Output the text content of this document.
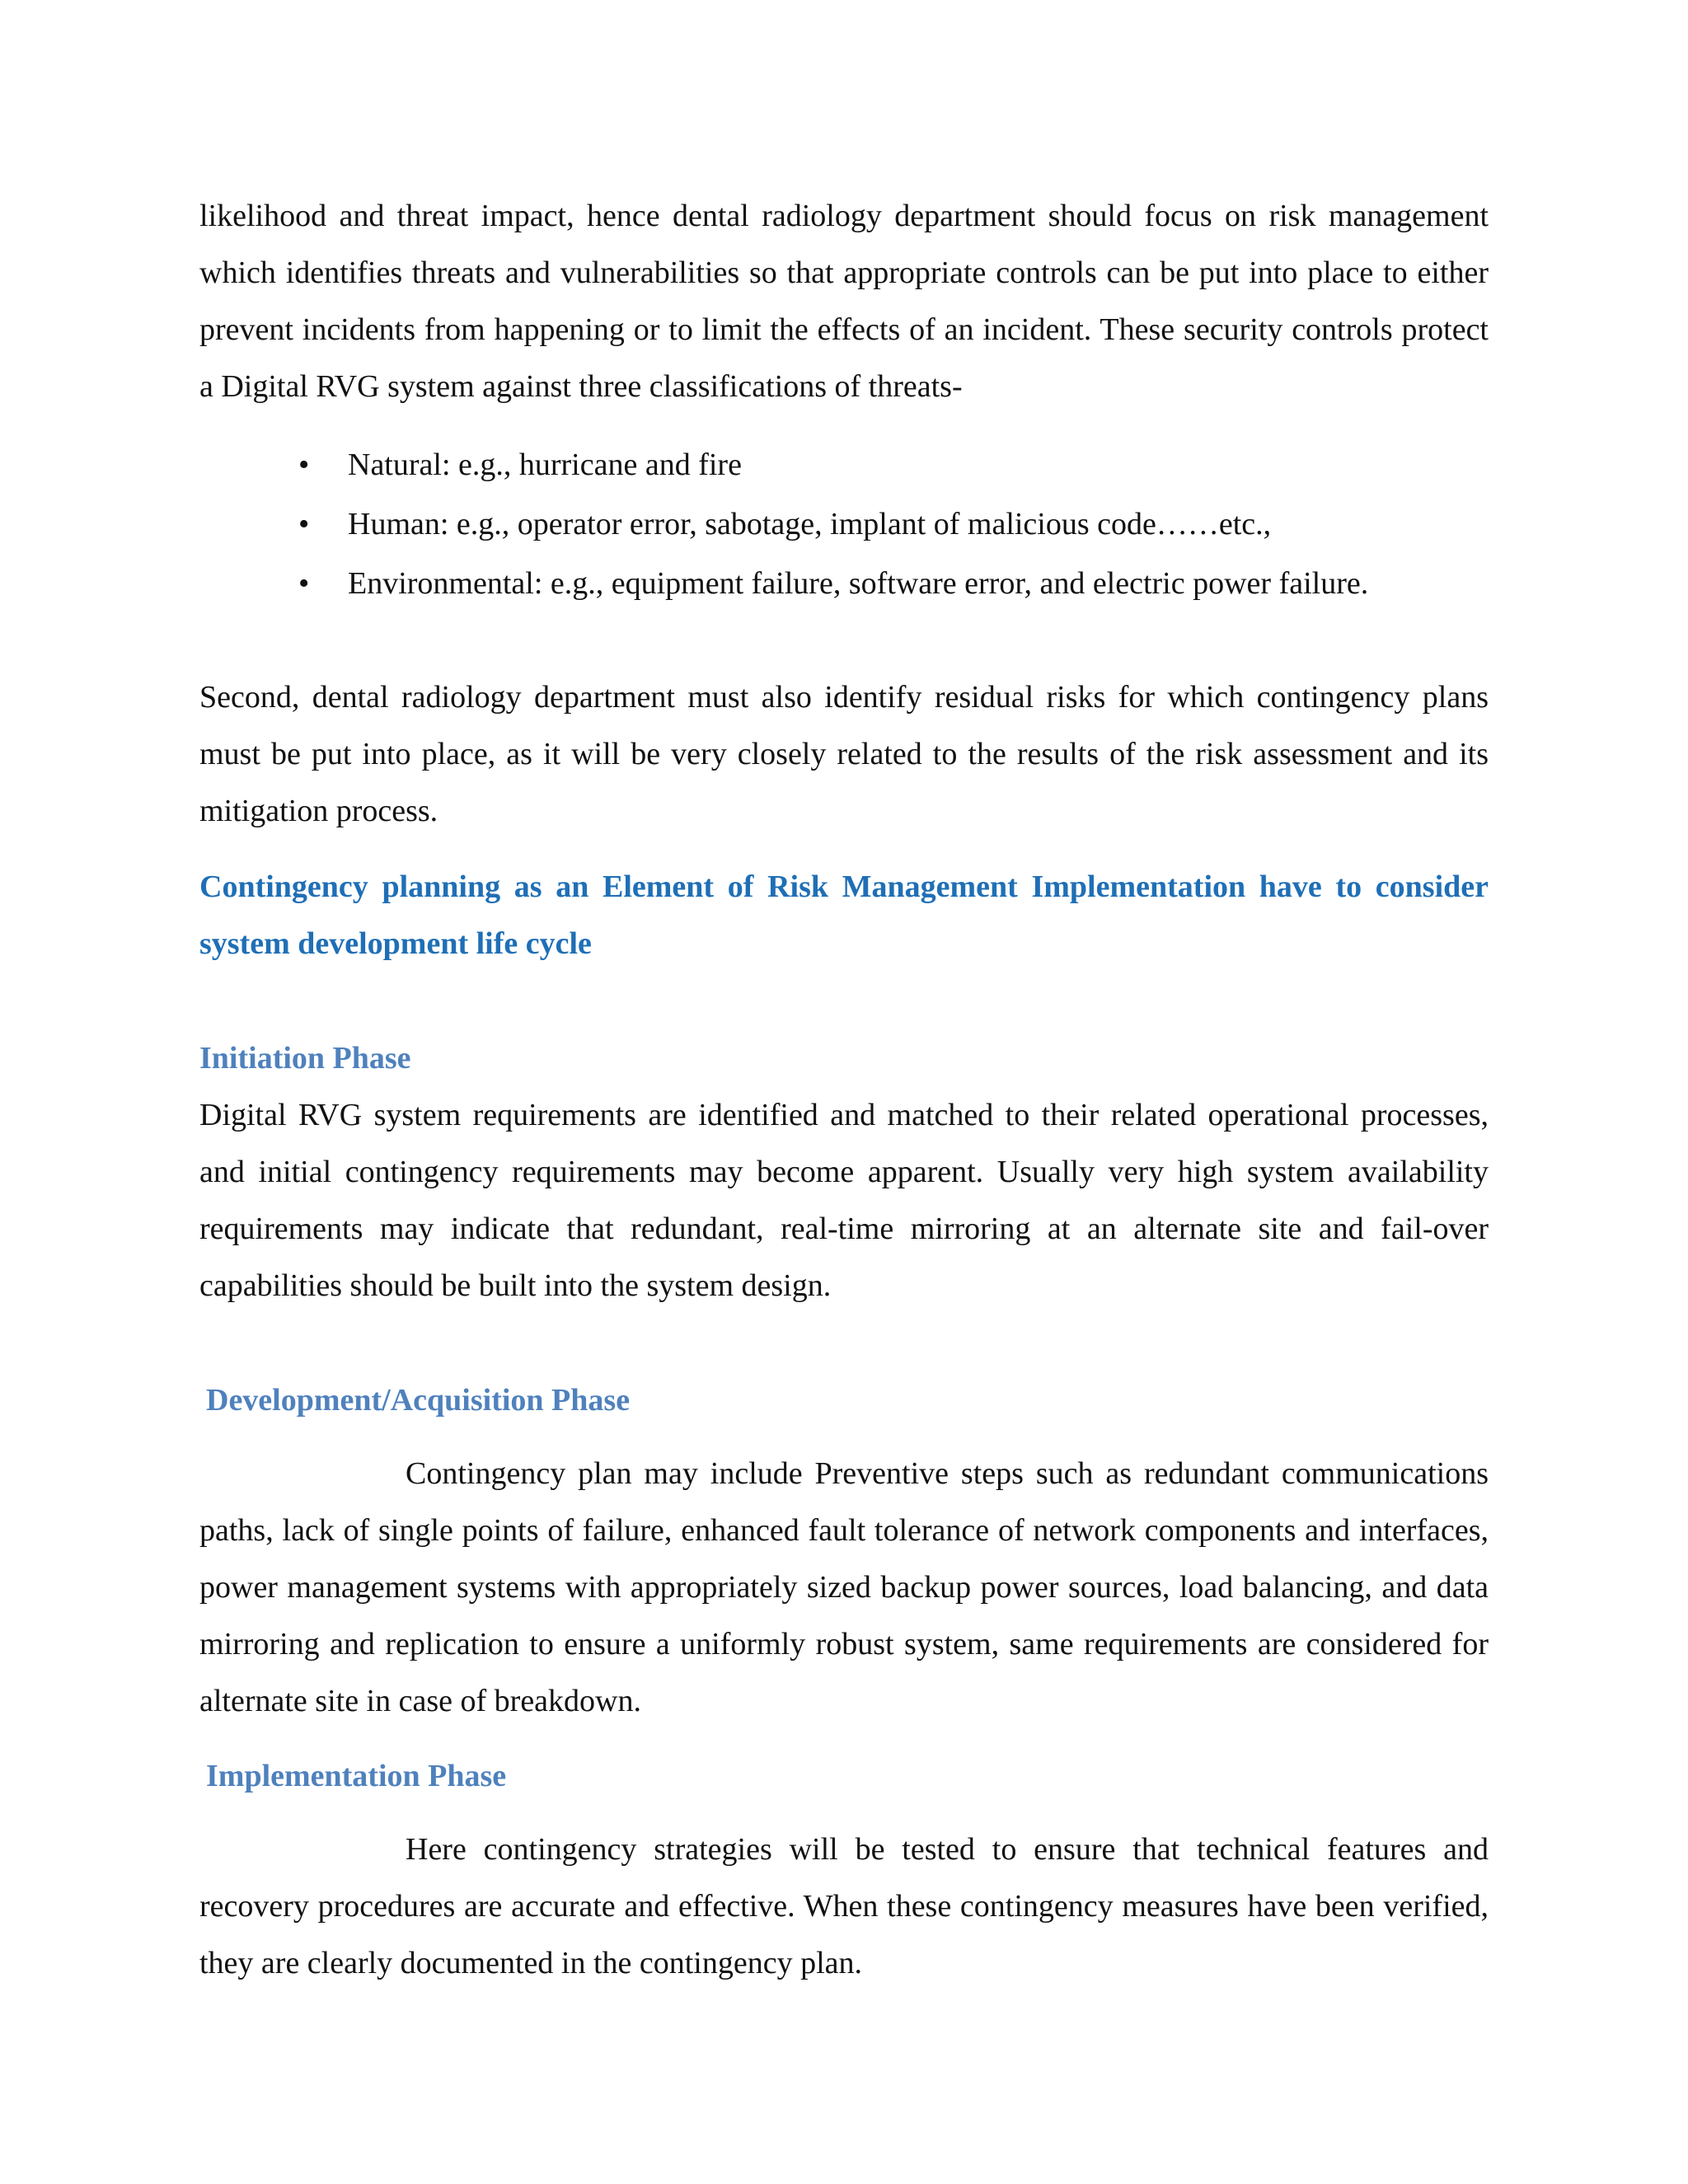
likelihood and threat impact, hence dental radiology department should focus on risk management which identifies threats and vulnerabilities so that appropriate controls can be put into place to either prevent incidents from happening or to limit the effects of an incident. These security controls protect a Digital RVG system against three classifications of threats-

• Natural: e.g., hurricane and fire
• Human: e.g., operator error, sabotage, implant of malicious code……etc.,
• Environmental: e.g., equipment failure, software error, and electric power failure.

Second, dental radiology department must also identify residual risks for which contingency plans must be put into place, as it will be very closely related to the results of the risk assessment and its mitigation process.

Contingency planning as an Element of Risk Management Implementation have to consider system development life cycle

Initiation Phase

Digital RVG system requirements are identified and matched to their related operational processes, and initial contingency requirements may become apparent. Usually very high system availability requirements may indicate that redundant, real-time mirroring at an alternate site and fail-over capabilities should be built into the system design.

Development/Acquisition Phase

Contingency plan may include Preventive steps such as redundant communications paths, lack of single points of failure, enhanced fault tolerance of network components and interfaces, power management systems with appropriately sized backup power sources, load balancing, and data mirroring and replication to ensure a uniformly robust system, same requirements are considered for alternate site in case of breakdown.

Implementation Phase

Here contingency strategies will be tested to ensure that technical features and recovery procedures are accurate and effective. When these contingency measures have been verified, they are clearly documented in the contingency plan.
